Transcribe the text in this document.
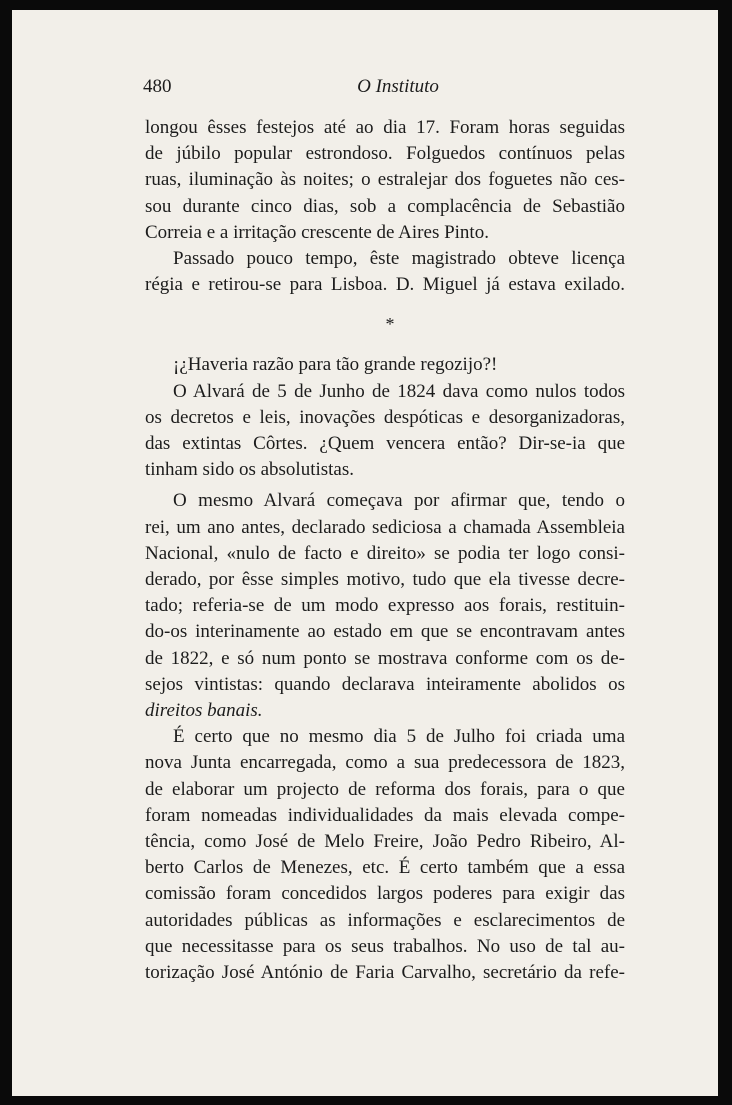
480	O Instituto
longou êsses festejos até ao dia 17. Foram horas seguidas
de júbilo popular estrondoso. Folguedos contínuos pelas
ruas, iluminação às noites; o estralejar dos foguetes não ces-
sou durante cinco dias, sob a complacência de Sebastião
Correia e a irritação crescente de Aires Pinto.
Passado pouco tempo, êste magistrado obteve licença
régia e retirou-se para Lisboa. D. Miguel já estava exilado.
*
¡¿Haveria razão para tão grande regozijo?!
O Alvará de 5 de Junho de 1824 dava como nulos todos
os decretos e leis, inovações despóticas e desorganizadoras,
das extintas Côrtes. ¿Quem vencera então? Dir-se-ia que
tinham sido os absolutistas.
O mesmo Alvará começava por afirmar que, tendo o
rei, um ano antes, declarado sediciosa a chamada Assembleia
Nacional, «nulo de facto e direito» se podia ter logo consi-
derado, por êsse simples motivo, tudo que ela tivesse decre-
tado; referia-se de um modo expresso aos forais, restituin-
do-os interinamente ao estado em que se encontravam antes
de 1822, e só num ponto se mostrava conforme com os de-
sejos vintistas: quando declarava inteiramente abolidos os
direitos banais.
É certo que no mesmo dia 5 de Julho foi criada uma
nova Junta encarregada, como a sua predecessora de 1823,
de elaborar um projecto de reforma dos forais, para o que
foram nomeadas individualidades da mais elevada compe-
tência, como José de Melo Freire, João Pedro Ribeiro, Al-
berto Carlos de Menezes, etc. É certo também que a essa
comissão foram concedidos largos poderes para exigir das
autoridades públicas as informações e esclarecimentos de
que necessitasse para os seus trabalhos. No uso de tal au-
torização José António de Faria Carvalho, secretário da refe-
